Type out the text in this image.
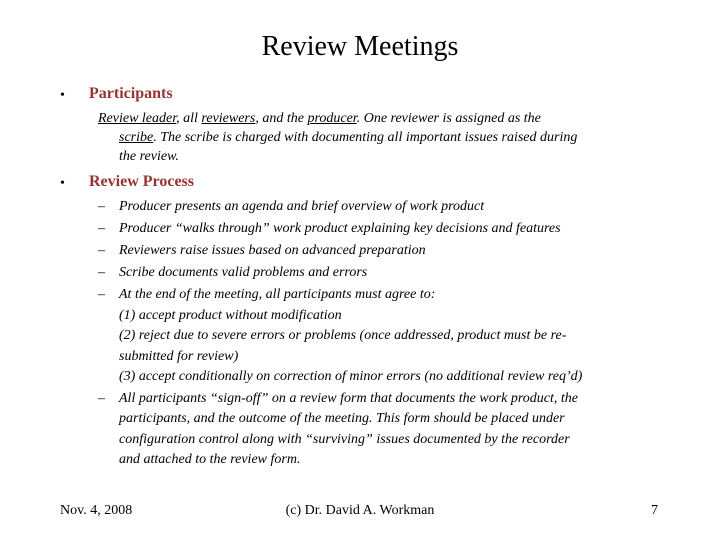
Review Meetings
• Participants
Review leader, all reviewers, and the producer. One reviewer is assigned as the
scribe. The scribe is charged with documenting all important issues raised during
the review.
• Review Process
–	Producer presents an agenda and brief overview of work product
–	Producer “walks through” work product explaining key decisions and features
–	Reviewers raise issues based on advanced preparation
–	Scribe documents valid problems and errors
–	At the end of the meeting, all participants must agree to:
(1) accept product without modification
(2) reject due to severe errors or problems (once addressed, product must be re-
submitted for review)
(3) accept conditionally on correction of minor errors (no additional review req’d)
–	All participants “sign-off” on a review form that documents the work product, the
participants, and the outcome of the meeting. This form should be placed under
configuration control along with “surviving” issues documented by the recorder
and attached to the review form.
Nov. 4, 2008	(c) Dr. David A. Workman	7
